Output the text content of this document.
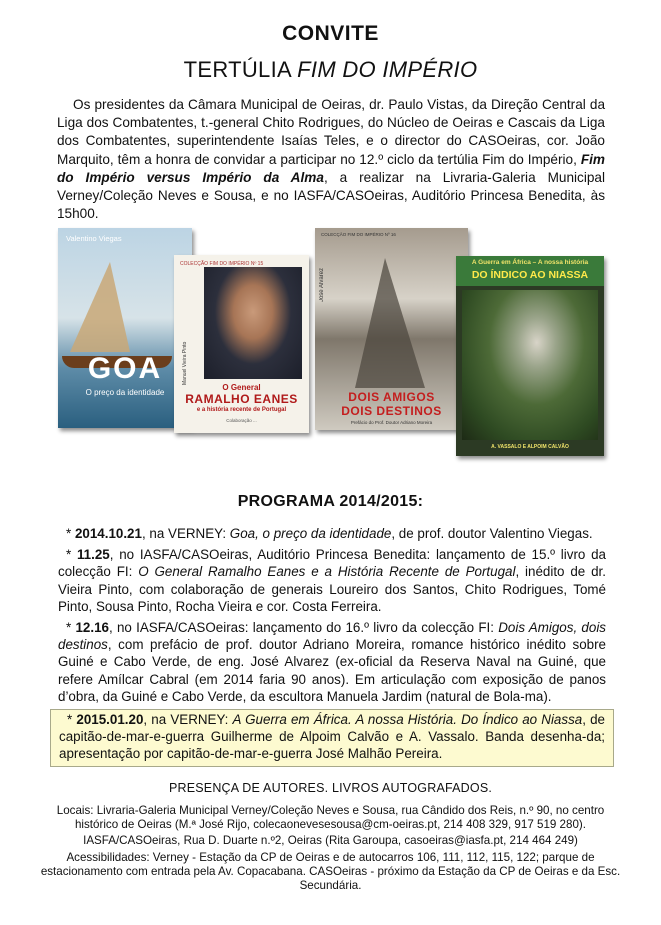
CONVITE
TERTÚLIA FIM DO IMPÉRIO
Os presidentes da Câmara Municipal de Oeiras, dr. Paulo Vistas, da Direção Central da Liga dos Combatentes, t.-general Chito Rodrigues, do Núcleo de Oeiras e Cascais da Liga dos Combatentes, superintendente Isaías Teles, e o director do CASOeiras, cor. João Marquito, têm a honra de convidar a participar no 12.º ciclo da tertúlia Fim do Império, Fim do Império versus Império da Alma, a realizar na Livraria-Galeria Municipal Verney/Coleção Neves e Sousa, e no IASFA/CASOeiras, Auditório Princesa Benedita, às 15h00.
Valentino Viegas
GOA
O preço da identidade
COLECÇÃO FIM DO IMPÉRIO Nº 15
Manuel Vieira Pinto
O General
RAMALHO EANES
e a história recente de Portugal
Colaboração ...
COLECÇÃO FIM DO IMPÉRIO Nº 16
José Alvarez
DOIS AMIGOS
DOIS DESTINOS
Prefácio do Prof. Doutor Adriano Moreira
A Guerra em África – A nossa história
DO ÍNDICO AO NIASSA
A. VASSALO E ALPOIM CALVÃO
PROGRAMA 2014/2015:
* 2014.10.21, na VERNEY: Goa, o preço da identidade, de prof. doutor Valentino Viegas.
* 11.25, no IASFA/CASOeiras, Auditório Princesa Benedita: lançamento de 15.º livro da colecção FI: O General Ramalho Eanes e a História Recente de Portugal, inédito de dr. Vieira Pinto, com colaboração de generais Loureiro dos Santos, Chito Rodrigues, Tomé Pinto, Sousa Pinto, Rocha Vieira e cor. Costa Ferreira.
* 12.16, no IASFA/CASOeiras: lançamento do 16.º livro da colecção FI: Dois Amigos, dois destinos, com prefácio de prof. doutor Adriano Moreira, romance histórico inédito sobre Guiné e Cabo Verde, de eng. José Alvarez (ex-oficial da Reserva Naval na Guiné, que refere Amílcar Cabral (em 2014 faria 90 anos). Em articulação com exposição de panos d’obra, da Guiné e Cabo Verde, da escultora Manuela Jardim (natural de Bola-ma).
* 2015.01.20, na VERNEY: A Guerra em África. A nossa História. Do Índico ao Niassa, de capitão-de-mar-e-guerra Guilherme de Alpoim Calvão e A. Vassalo. Banda desenha-da; apresentação por capitão-de-mar-e-guerra José Malhão Pereira.
PRESENÇA DE AUTORES. LIVROS AUTOGRAFADOS.

Locais: Livraria-Galeria Municipal Verney/Coleção Neves e Sousa, rua Cândido dos Reis, n.º 90, no centro histórico de Oeiras (M.ª José Rijo, colecaonevesesousa@cm-oeiras.pt, 214 408 329, 917 519 280).

IASFA/CASOeiras, Rua D. Duarte n.º2, Oeiras (Rita Garoupa, casoeiras@iasfa.pt, 214 464 249)

Acessibilidades: Verney - Estação da CP de Oeiras e de autocarros 106, 111, 112, 115, 122; parque de estacionamento com entrada pela Av. Copacabana. CASOeiras - próximo da Estação da CP de Oeiras e da Esc. Secundária.
